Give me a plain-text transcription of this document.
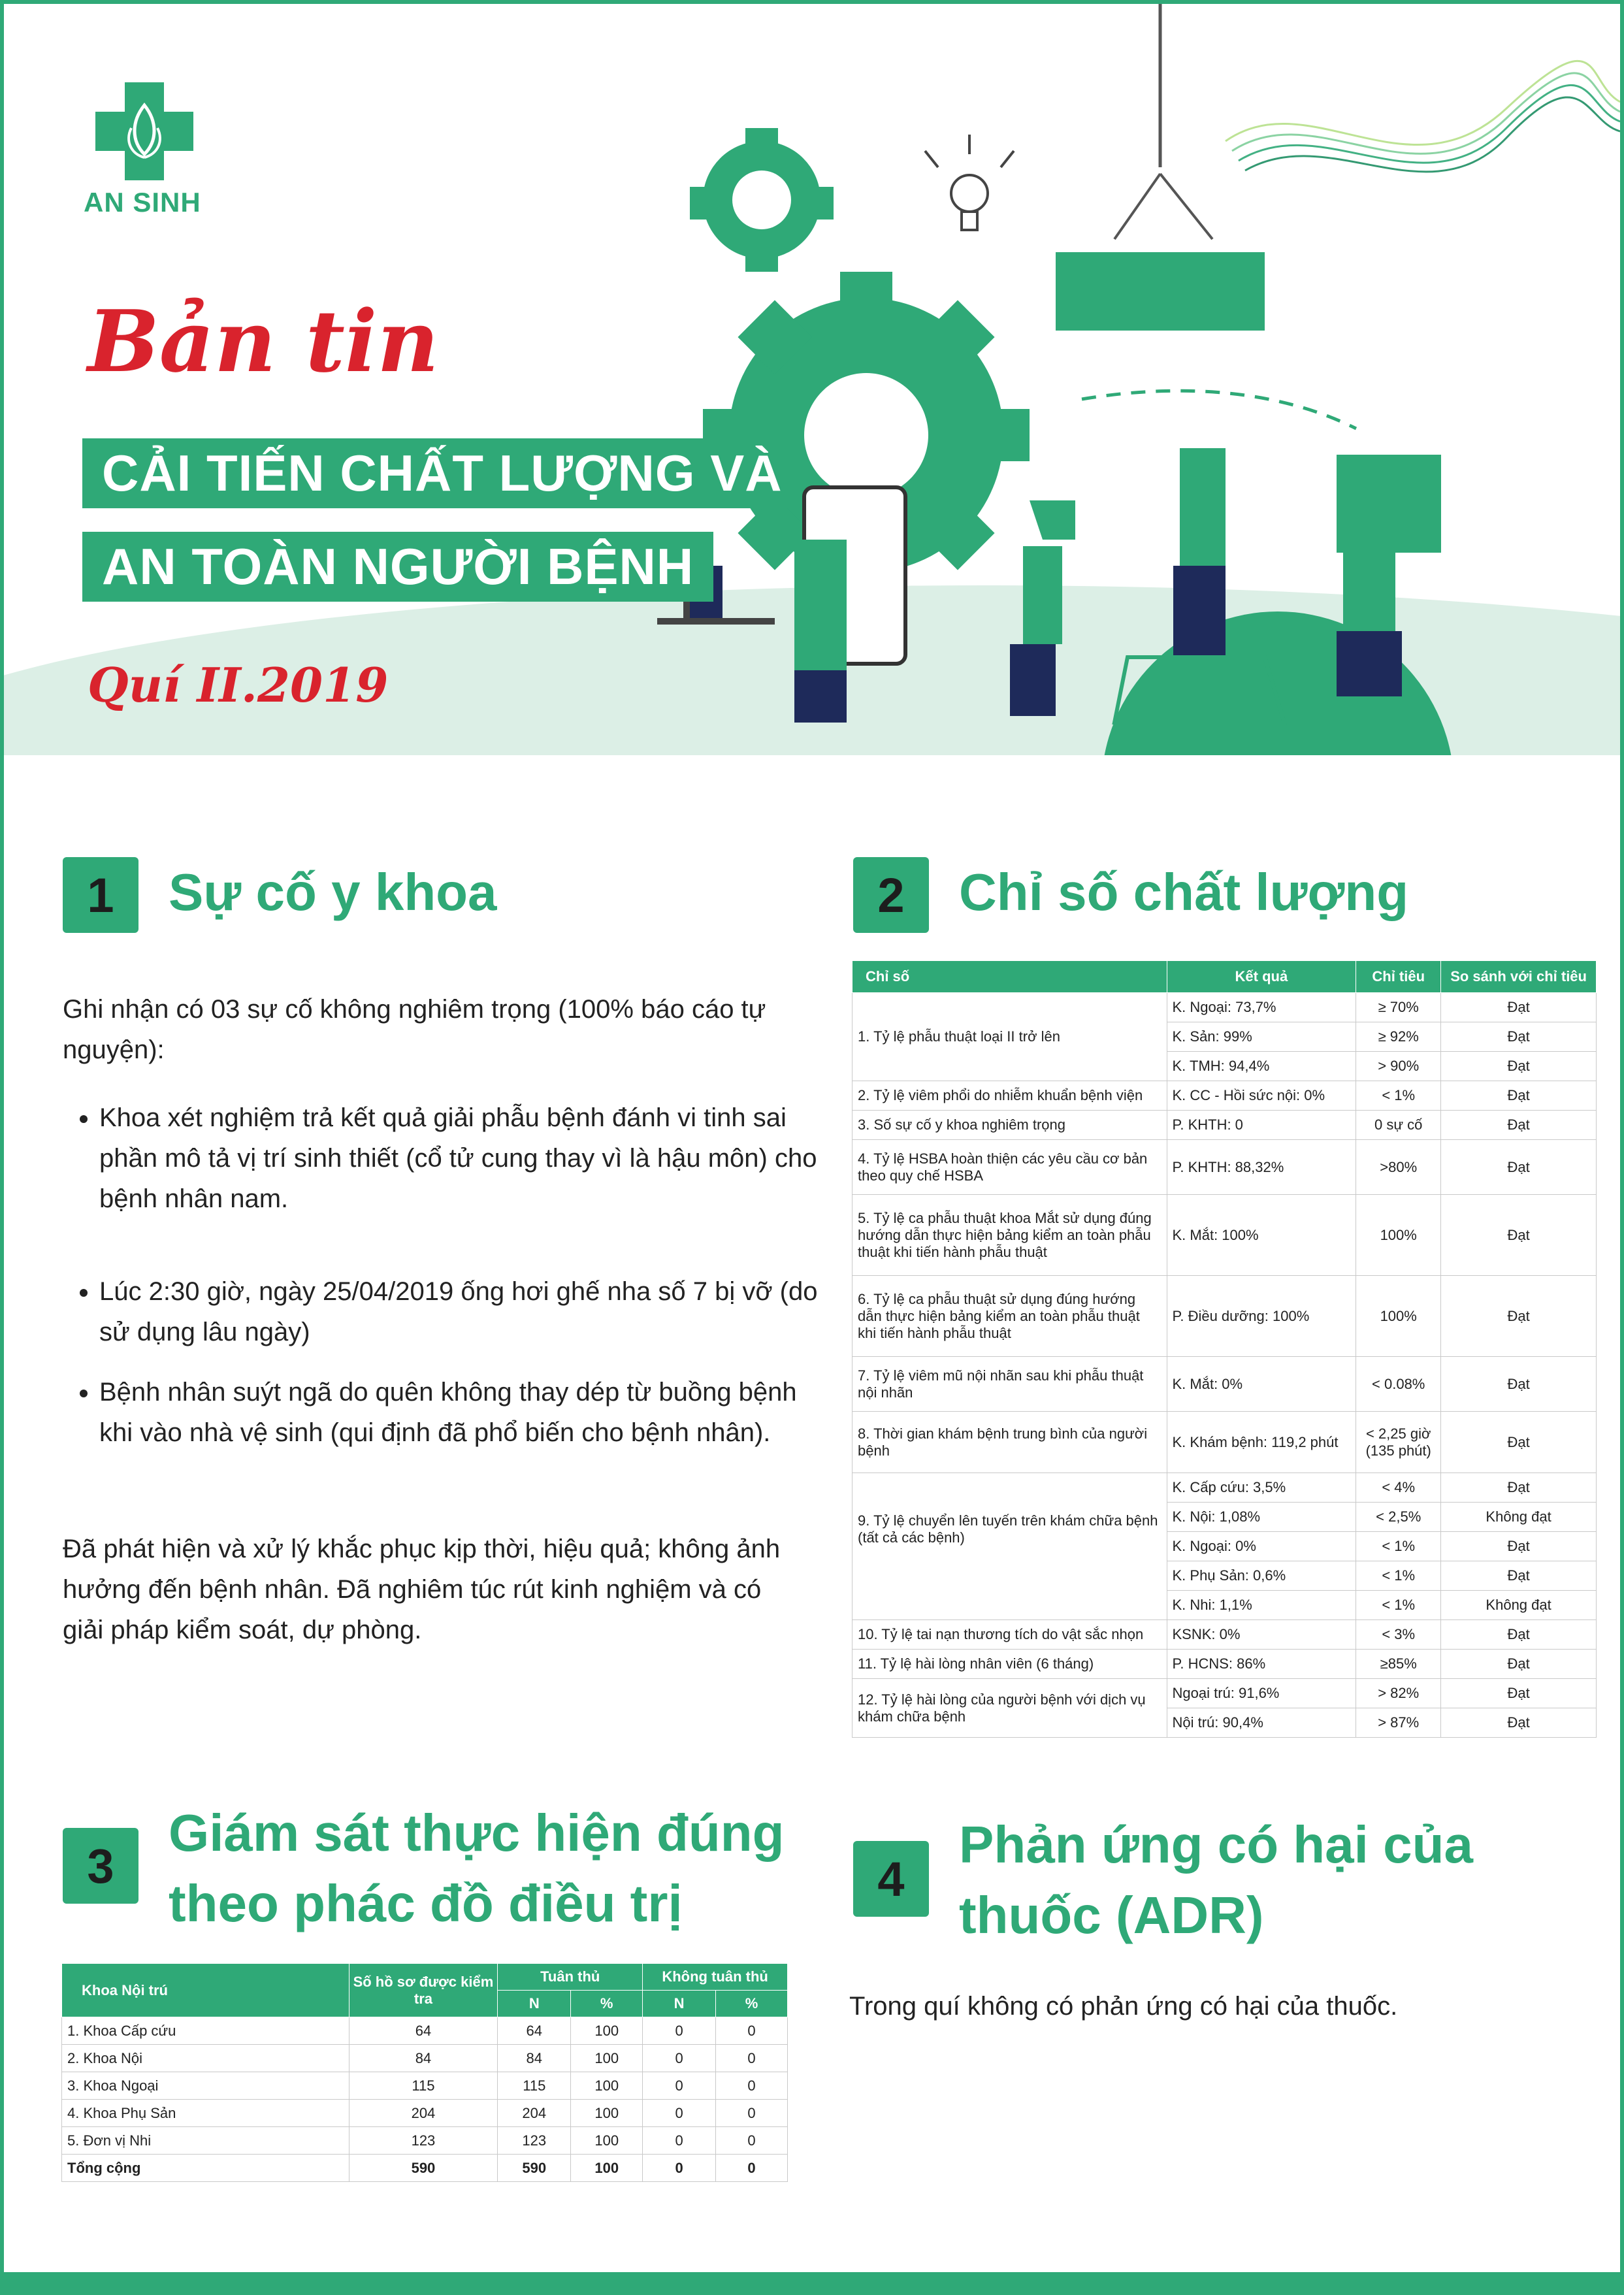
AN SINH
Bản tin
CẢI TIẾN CHẤT LƯỢNG VÀ
AN TOÀN NGƯỜI BỆNH
Quí II.2019
1	Sự cố y khoa
Ghi nhận có 03 sự cố không nghiêm trọng (100% báo cáo tự nguyện):
• Khoa xét nghiệm trả kết quả giải phẫu bệnh đánh vi tinh sai phần mô tả vị trí sinh thiết (cổ tử cung thay vì là hậu môn) cho bệnh nhân nam.
• Lúc 2:30 giờ, ngày 25/04/2019 ống hơi ghế nha số 7 bị vỡ (do sử dụng lâu ngày)
• Bệnh nhân suýt ngã do quên không thay dép từ buồng bệnh khi vào nhà vệ sinh (qui định đã phổ biến cho bệnh nhân).
Đã phát hiện và xử lý khắc phục kịp thời, hiệu quả; không ảnh hưởng đến bệnh nhân. Đã nghiêm túc rút kinh nghiệm và có giải pháp kiểm soát, dự phòng.
2	Chỉ số chất lượng
Chỉ số	Kết quả	Chỉ tiêu	So sánh với chỉ tiêu
1. Tỷ lệ phẫu thuật loại II trở lên	K. Ngoại: 73,7%	≥ 70%	Đạt
	K. Sản: 99%	≥ 92%	Đạt
	K. TMH: 94,4%	> 90%	Đạt
2. Tỷ lệ viêm phổi do nhiễm khuẩn bệnh viện	K. CC - Hồi sức nội: 0%	< 1%	Đạt
3. Số sự cố y khoa nghiêm trọng	P. KHTH: 0	0 sự cố	Đạt
4. Tỷ lệ HSBA hoàn thiện các yêu cầu cơ bản theo quy chế HSBA	P. KHTH: 88,32%	>80%	Đạt
5. Tỷ lệ ca phẫu thuật khoa Mắt sử dụng đúng hướng dẫn thực hiện bảng kiểm an toàn phẫu thuật khi tiến hành phẫu thuật	K. Mắt: 100%	100%	Đạt
6. Tỷ lệ ca phẫu thuật sử dụng đúng hướng dẫn thực hiện bảng kiểm an toàn phẫu thuật khi tiến hành phẫu thuật	P. Điều dưỡng: 100%	100%	Đạt
7. Tỷ lệ viêm mũ nội nhãn sau khi phẫu thuật nội nhãn	K. Mắt: 0%	< 0.08%	Đạt
8. Thời gian khám bệnh trung bình của người bệnh	K. Khám bệnh: 119,2 phút	< 2,25 giờ (135 phút)	Đạt
9. Tỷ lệ chuyển lên tuyến trên khám chữa bệnh (tất cả các bệnh)	K. Cấp cứu: 3,5%	< 4%	Đạt
	K. Nội: 1,08%	< 2,5%	Không đạt
	K. Ngoại: 0%	< 1%	Đạt
	K. Phụ Sản: 0,6%	< 1%	Đạt
	K. Nhi: 1,1%	< 1%	Không đạt
10. Tỷ lệ tai nạn thương tích do vật sắc nhọn	KSNK: 0%	< 3%	Đạt
11. Tỷ lệ hài lòng nhân viên (6 tháng)	P. HCNS: 86%	≥85%	Đạt
12. Tỷ lệ hài lòng của người bệnh với dịch vụ khám chữa bệnh	Ngoại trú: 91,6%	> 82%	Đạt
	Nội trú: 90,4%	> 87%	Đạt
3
Giám sát thực hiện đúng
theo phác đồ điều trị
Khoa Nội trú	Số hồ sơ được kiểm tra	Tuân thủ		Không tuân thủ	
		N	%	N	%
1. Khoa Cấp cứu	64	64	100	0	0
2. Khoa Nội	84	84	100	0	0
3. Khoa Ngoại	115	115	100	0	0
4. Khoa Phụ Sản	204	204	100	0	0
5. Đơn vị Nhi	123	123	100	0	0
Tổng cộng	590	590	100	0	0
4
Phản ứng có hại của
thuốc (ADR)
Trong quí không có phản ứng có hại của thuốc.
